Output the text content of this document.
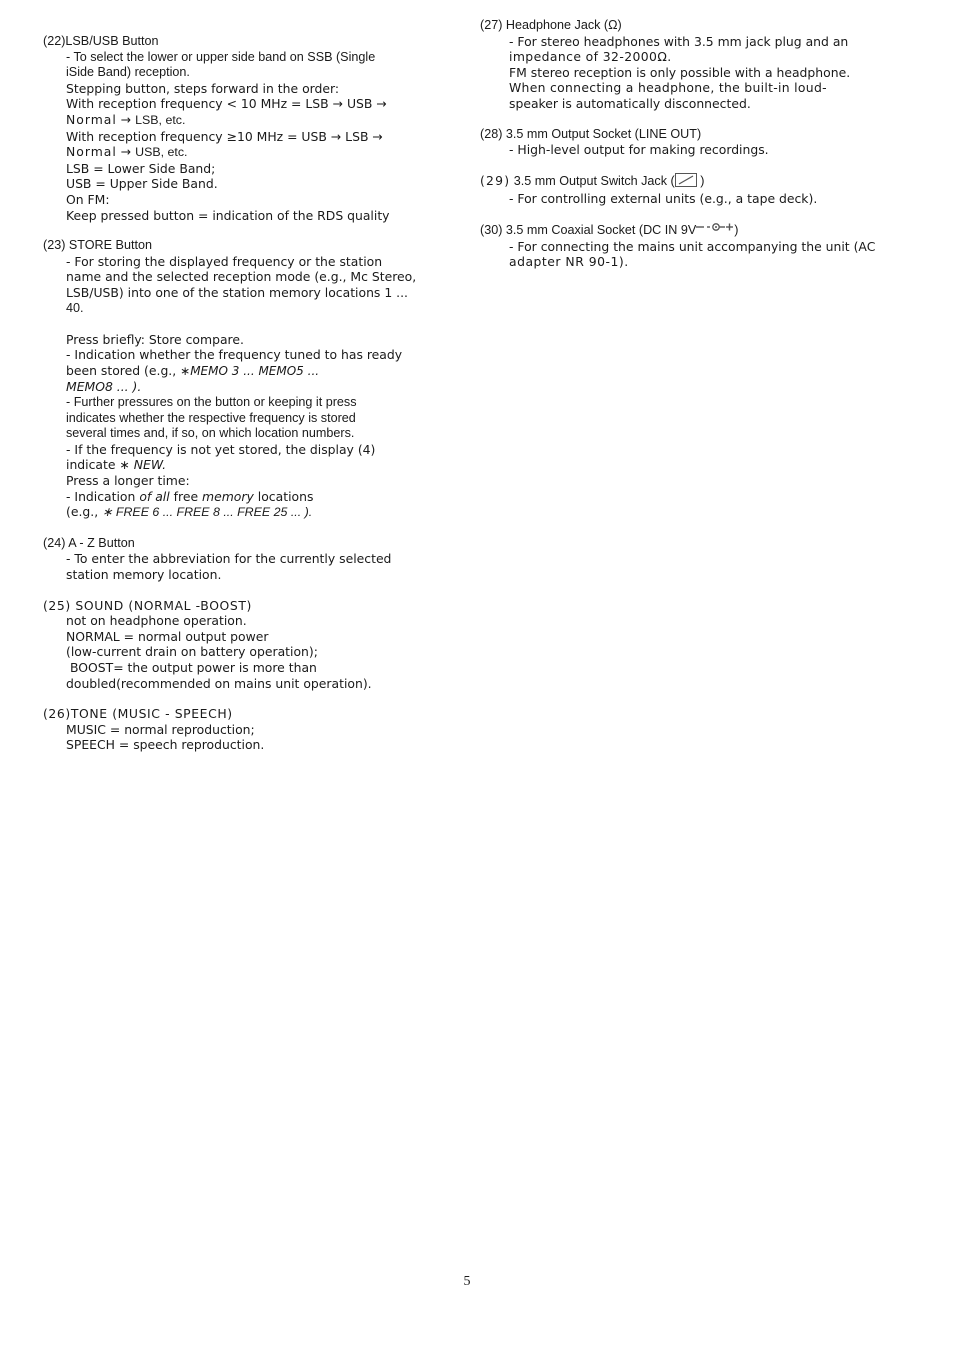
(22)LSB/USB Button
- To select the lower or upper side band on SSB (Single
iSide Band) reception.
Stepping button, steps forward in the order:
With reception frequency < 10 MHz = LSB → USB →
Normal → LSB, etc.
With reception frequency ≥10 MHz = USB → LSB →
Normal → USB, etc.
LSB = Lower Side Band;
USB = Upper Side Band.
On FM:
Keep pressed button = indication of the RDS quality
(23) STORE Button
- For storing the displayed frequency or the station
name and the selected reception mode (e.g., Mc Stereo,
LSB/USB) into one of the station memory locations 1 ...
40.
Press briefly: Store compare.
- Indication whether the frequency tuned to has ready
been stored (e.g., ∗MEMO 3 ... MEMO5 ...
MEMO8 ... ).
- Further pressures on the button or keeping it press
indicates whether the respective frequency is stored
several times and, if so, on which location numbers.
- If the frequency is not yet stored, the display (4)
indicate ∗ NEW.
Press a longer time:
- Indication of all free memory locations
(e.g., ∗ FREE 6 ... FREE 8 ... FREE 25 ... ).
(24) A - Z Button
- To enter the abbreviation for the currently selected
station memory location.
(25) SOUND (NORMAL -BOOST)
not on headphone operation.
NORMAL = normal output power
(low-current drain on battery operation);
BOOST= the output power is more than
doubled(recommended on mains unit operation).
(26)TONE (MUSIC - SPEECH)
MUSIC = normal reproduction;
SPEECH = speech reproduction.
(27) Headphone Jack (Ω)
- For stereo headphones with 3.5 mm jack plug and an
impedance of 32-2000Ω.
FM stereo reception is only possible with a headphone.
When connecting a headphone, the built-in loud-
speaker is automatically disconnected.
(28) 3.5 mm Output Socket (LINE OUT)
- High-level output for making recordings.
(29) 3.5 mm Output Switch Jack ( )
- For controlling external units (e.g., a tape deck).
(30) 3.5 mm Coaxial Socket (DC IN 9V	)
- For connecting the mains unit accompanying the unit (AC
adapter NR 90-1).
5
